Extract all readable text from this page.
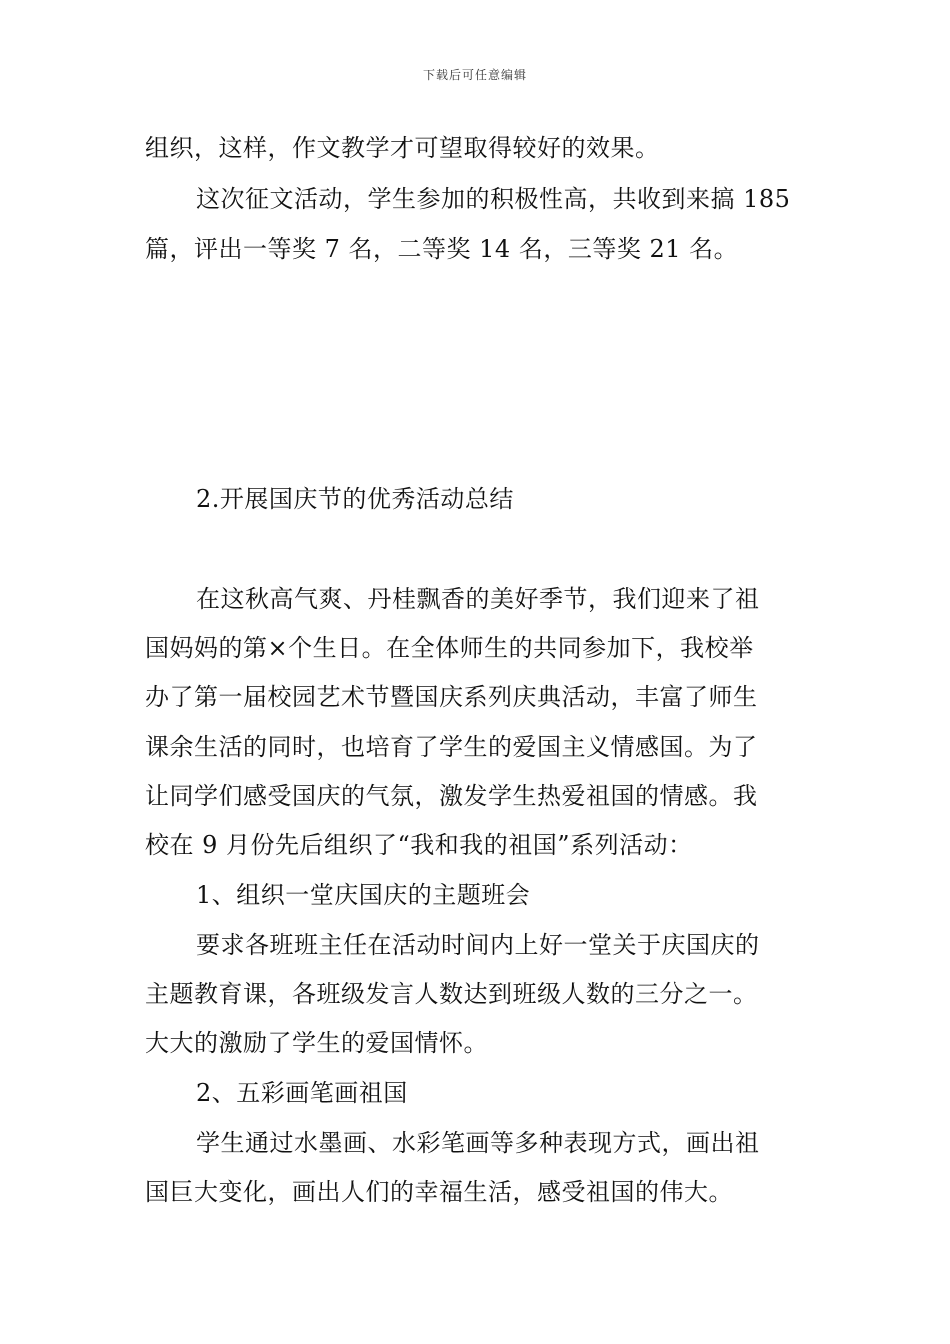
下载后可任意编辑
组织，这样，作文教学才可望取得较好的效果。
这次征文活动，学生参加的积极性高，共收到来搞 185
篇，评出一等奖 7 名，二等奖 14 名，三等奖 21 名。
2.开展国庆节的优秀活动总结
在这秋高气爽、丹桂飘香的美好季节，我们迎来了祖
国妈妈的第×个生日。在全体师生的共同参加下，我校举
办了第一届校园艺术节暨国庆系列庆典活动，丰富了师生
课余生活的同时，也培育了学生的爱国主义情感国。为了
让同学们感受国庆的气氛，激发学生热爱祖国的情感。我
校在 9 月份先后组织了“我和我的祖国”系列活动：
1、组织一堂庆国庆的主题班会
要求各班班主任在活动时间内上好一堂关于庆国庆的
主题教育课，各班级发言人数达到班级人数的三分之一。
大大的激励了学生的爱国情怀。
2、五彩画笔画祖国
学生通过水墨画、水彩笔画等多种表现方式，画出祖
国巨大变化，画出人们的幸福生活，感受祖国的伟大。
